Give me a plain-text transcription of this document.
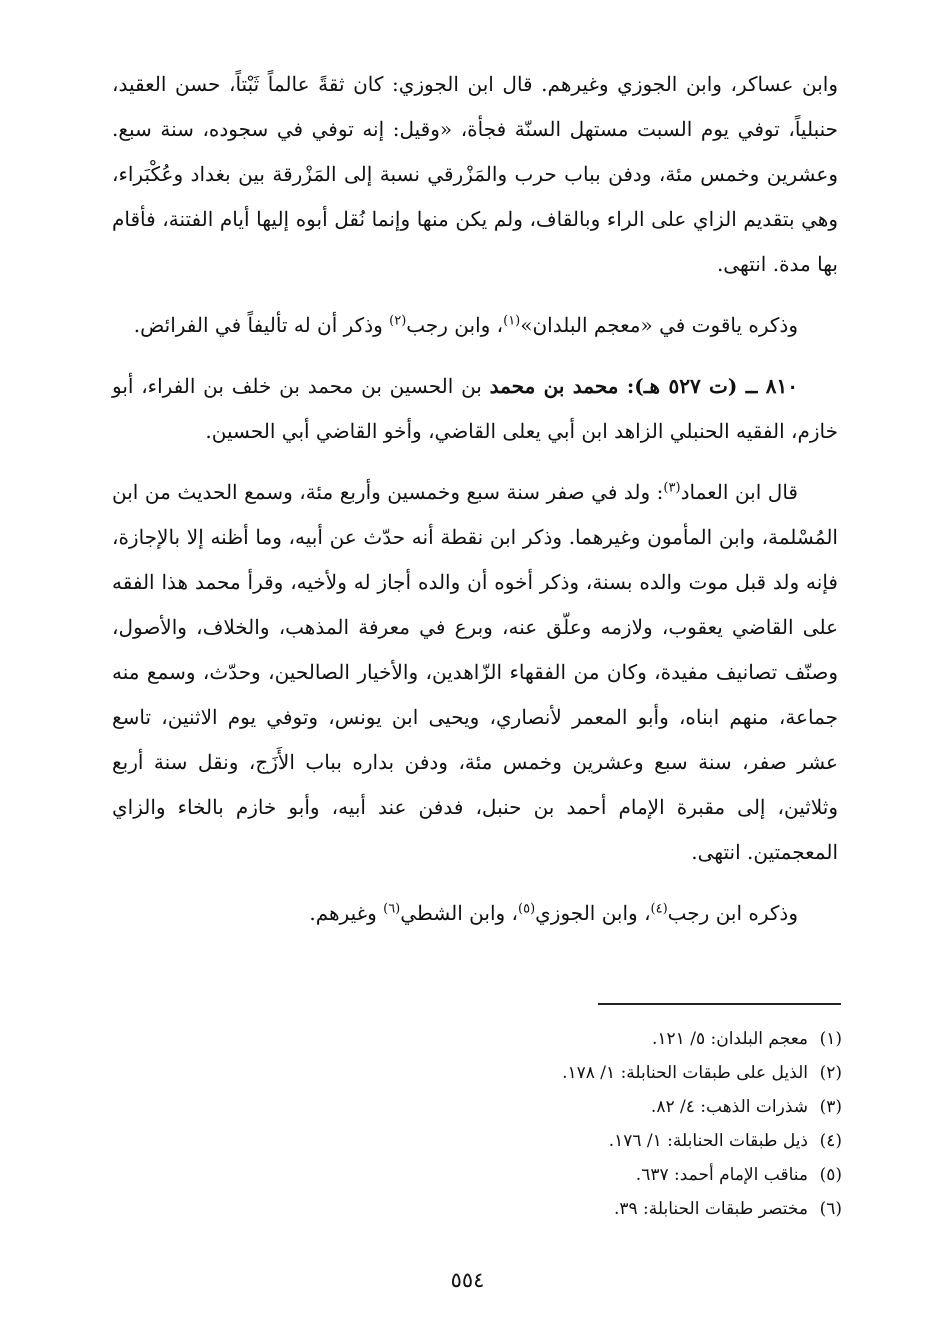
وابن عساكر، وابن الجوزي وغيرهم. قال ابن الجوزي: كان ثقةً عالماً ثَبْتاً، حسن العقيد، حنبلياً، توفي يوم السبت مستهل السنّة فجأة، «وقيل: إنه توفي في سجوده، سنة سبع. وعشرين وخمس مئة، ودفن بباب حرب والمَزْرقي نسبة إلى المَزْرقة بين بغداد وعُكْبَراء، وهي بتقديم الزاي على الراء وبالقاف، ولم يكن منها وإنما نُقل أبوه إليها أيام الفتنة، فأقام بها مدة. انتهى.

وذكره ياقوت في «معجم البلدان»$^{(١)}$، وابن رجب$^{(٢)}$ وذكر أن له تأليفاً في الفرائض.

٨١٠ ــ (ت ٥٢٧ هـ): محمد بن محمد بن الحسين بن محمد بن خلف بن الفراء، أبو خازم، الفقيه الحنبلي الزاهد ابن أبي يعلى القاضي، وأخو القاضي أبي الحسين.

قال ابن العماد$^{(٣)}$: ولد في صفر سنة سبع وخمسين وأربع مئة، وسمع الحديث من ابن المُسْلمة، وابن المأمون وغيرهما. وذكر ابن نقطة أنه حدّث عن أبيه، وما أظنه إلا بالإجازة، فإنه ولد قبل موت والده بسنة، وذكر أخوه أن والده أجاز له ولأخيه، وقرأ محمد هذا الفقه على القاضي يعقوب، ولازمه وعلّق عنه، وبرع في معرفة المذهب، والخلاف، والأصول، وصنّف تصانيف مفيدة، وكان من الفقهاء الزّاهدين، والأخيار الصالحين، وحدّث، وسمع منه جماعة، منهم ابناه، وأبو المعمر لأنصاري، ويحيى ابن يونس، وتوفي يوم الاثنين، تاسع عشر صفر، سنة سبع وعشرين وخمس مئة، ودفن بداره بباب الأَزَج، ونقل سنة أربع وثلاثين، إلى مقبرة الإمام أحمد بن حنبل، فدفن عند أبيه، وأبو خازم بالخاء والزاي المعجمتين. انتهى.

وذكره ابن رجب$^{(٤)}$، وابن الجوزي$^{(٥)}$، وابن الشطي$^{(٦)}$ وغيرهم.

(١)معجم البلدان: ٥/ ١٢١.
(٢)الذيل على طبقات الحنابلة: ١/ ١٧٨.
(٣)شذرات الذهب: ٤/ ٨٢.
(٤)ذيل طبقات الحنابلة: ١/ ١٧٦.
(٥)مناقب الإمام أحمد: ٦٣٧.
(٦)مختصر طبقات الحنابلة: ٣٩.
٥٥٤
